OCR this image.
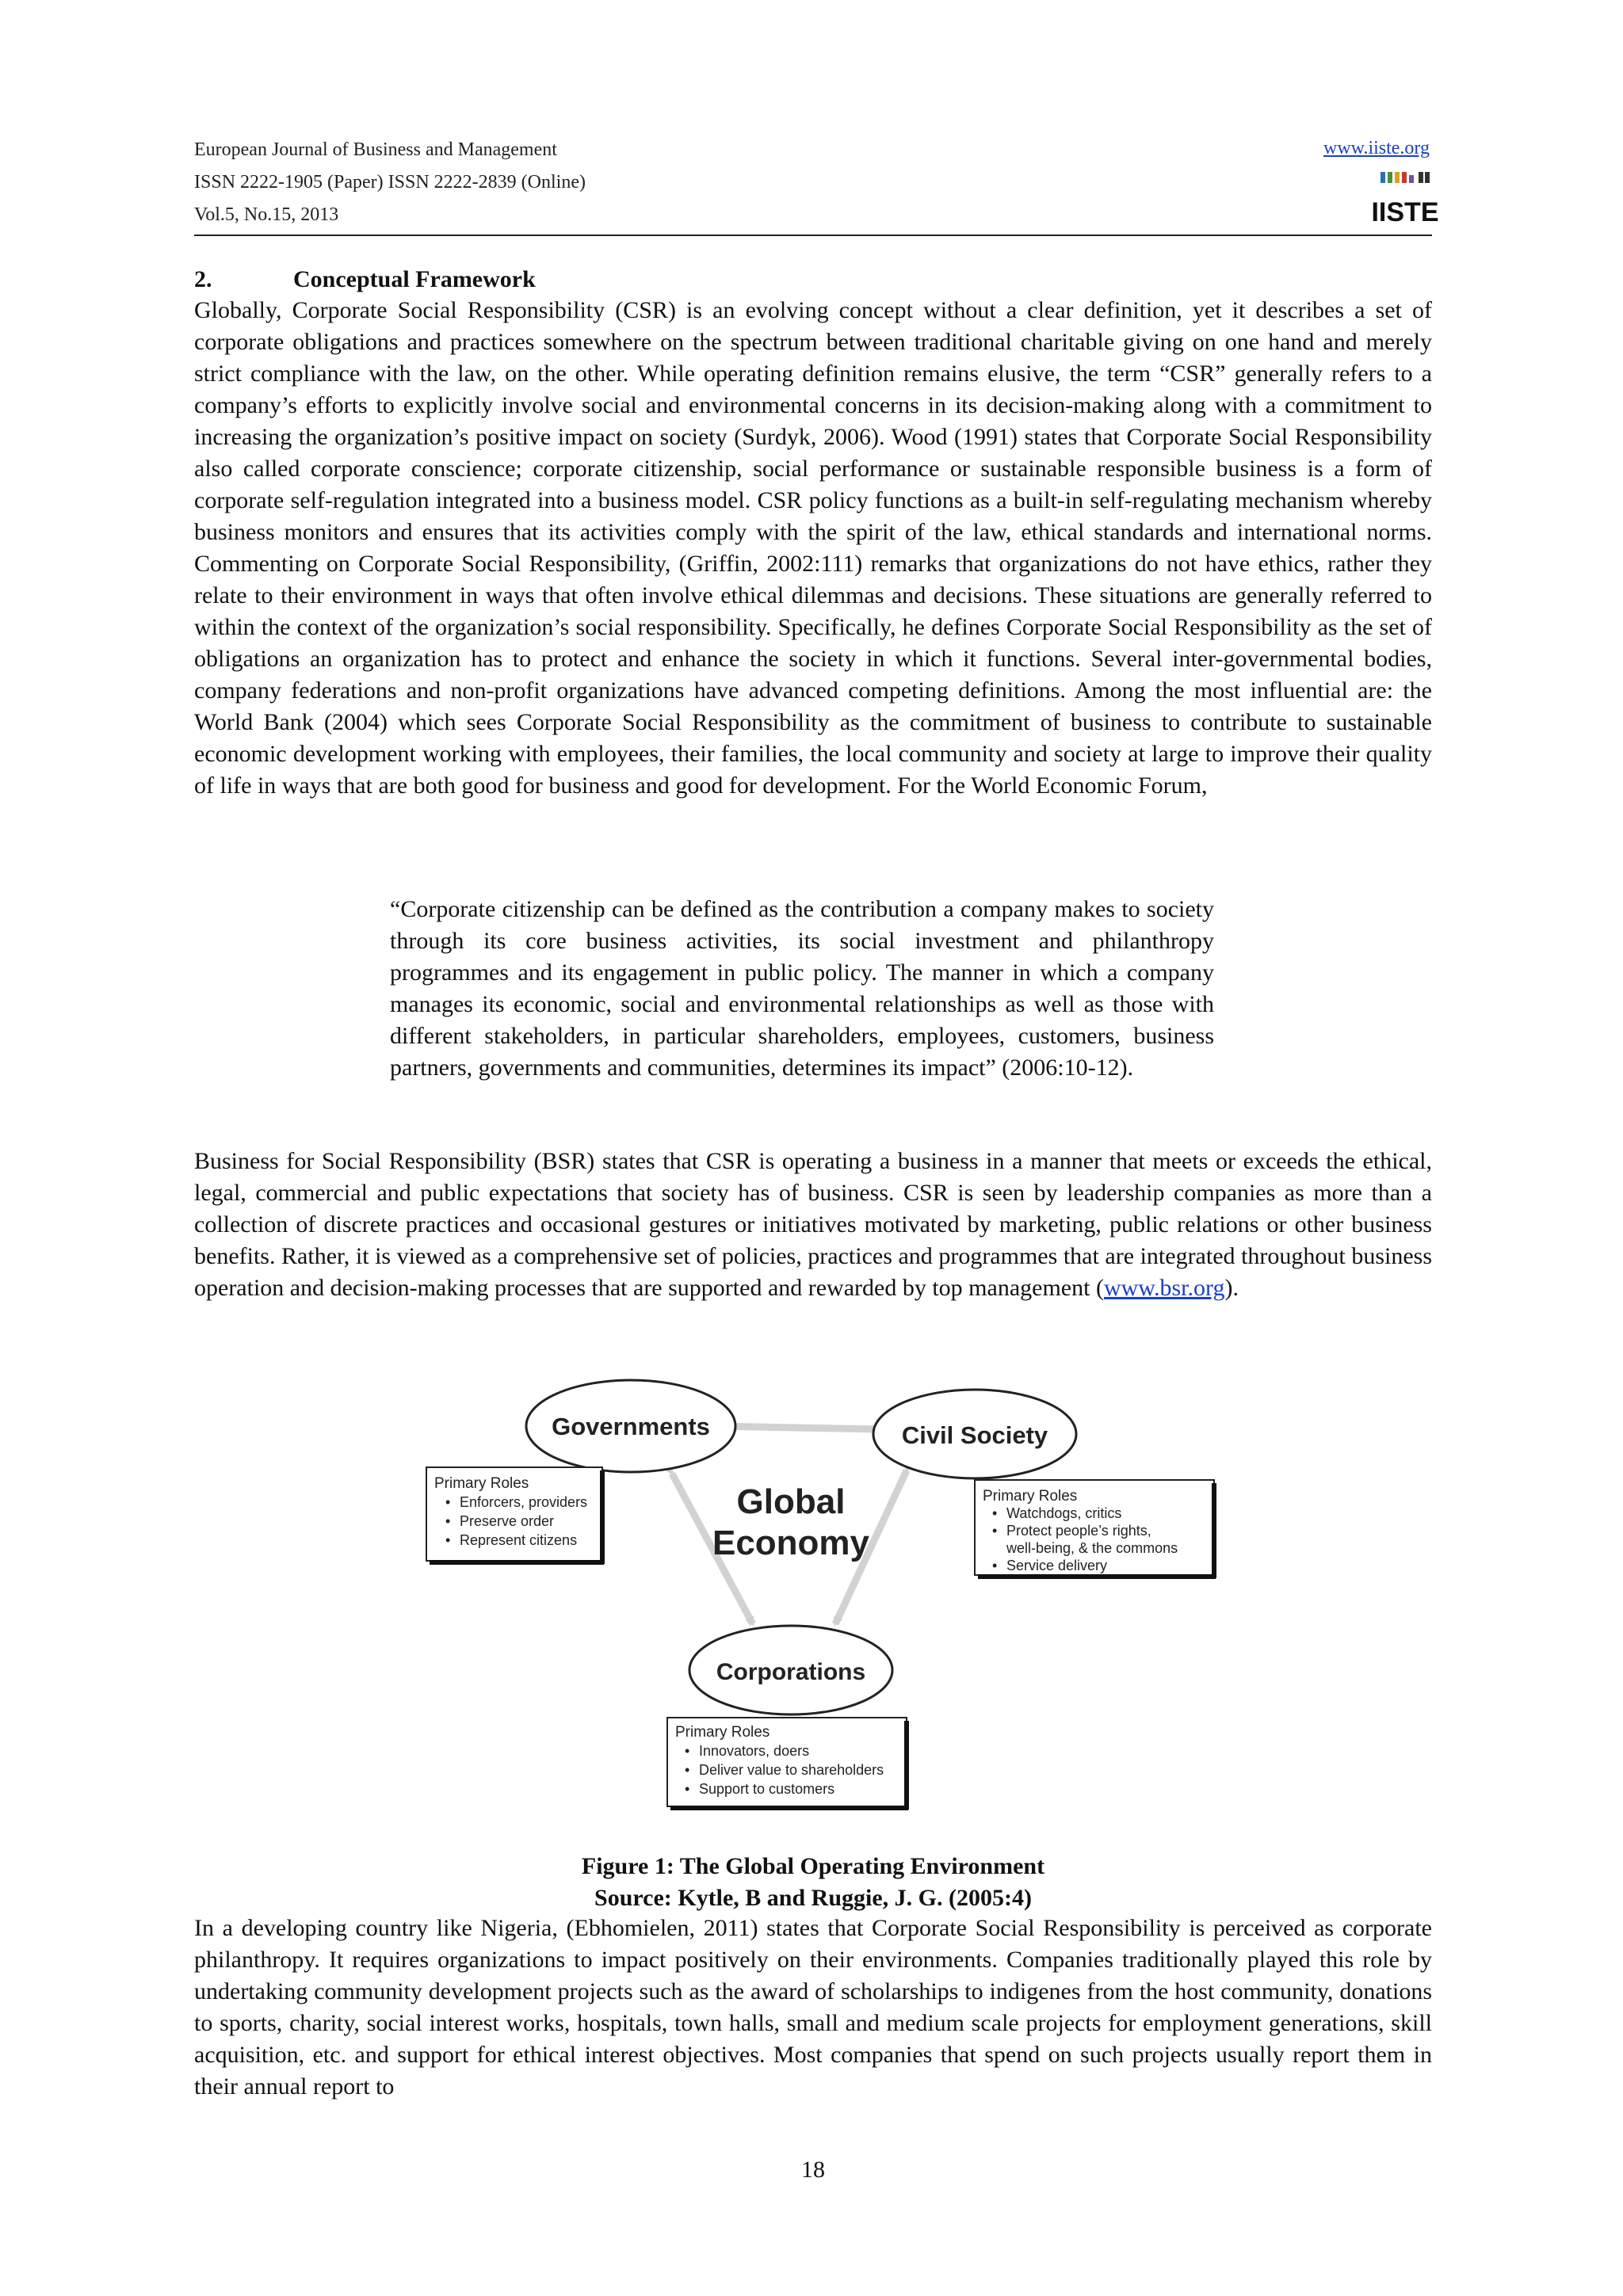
European Journal of Business and Management
ISSN 2222-1905 (Paper) ISSN 2222-2839 (Online)
Vol.5, No.15, 2013
www.iiste.org
IISTE
2.	Conceptual Framework

Globally, Corporate Social Responsibility (CSR) is an evolving concept without a clear definition, yet it describes a set of corporate obligations and practices somewhere on the spectrum between traditional charitable giving on one hand and merely strict compliance with the law, on the other. While operating definition remains elusive, the term “CSR” generally refers to a company’s efforts to explicitly involve social and environmental concerns in its decision-making along with a commitment to increasing the organization’s positive impact on society (Surdyk, 2006). Wood (1991) states that Corporate Social Responsibility also called corporate conscience; corporate citizenship, social performance or sustainable responsible business is a form of corporate self-regulation integrated into a business model. CSR policy functions as a built-in self-regulating mechanism whereby business monitors and ensures that its activities comply with the spirit of the law, ethical standards and international norms. Commenting on Corporate Social Responsibility, (Griffin, 2002:111) remarks that organizations do not have ethics, rather they relate to their environment in ways that often involve ethical dilemmas and decisions. These situations are generally referred to within the context of the organization’s social responsibility. Specifically, he defines Corporate Social Responsibility as the set of obligations an organization has to protect and enhance the society in which it functions. Several inter-governmental bodies, company federations and non-profit organizations have advanced competing definitions. Among the most influential are: the World Bank (2004) which sees Corporate Social Responsibility as the commitment of business to contribute to sustainable economic development working with employees, their families, the local community and society at large to improve their quality of life in ways that are both good for business and good for development. For the World Economic Forum,

“Corporate citizenship can be defined as the contribution a company makes to society through its core business activities, its social investment and philanthropy programmes and its engagement in public policy. The manner in which a company manages its economic, social and environmental relationships as well as those with different stakeholders, in particular shareholders, employees, customers, business partners, governments and communities, determines its impact” (2006:10-12).

Business for Social Responsibility (BSR) states that CSR is operating a business in a manner that meets or exceeds the ethical, legal, commercial and public expectations that society has of business. CSR is seen by leadership companies as more than a collection of discrete practices and occasional gestures or initiatives motivated by marketing, public relations or other business benefits. Rather, it is viewed as a comprehensive set of policies, practices and programmes that are integrated throughout business operation and decision-making processes that are supported and rewarded by top management (www.bsr.org).

Governments	Civil Society
Corporations
Global
Economy
Primary Roles
• Enforcers, providers
• Preserve order
• Represent citizens
Primary Roles
• Watchdogs, critics
• Protect people’s rights,
well-being, & the commons
• Service delivery
Primary Roles
• Innovators, doers
• Deliver value to shareholders
• Support to customers
Figure 1: The Global Operating Environment
Source: Kytle, B and Ruggie, J. G. (2005:4)

In a developing country like Nigeria, (Ebhomielen, 2011) states that Corporate Social Responsibility is perceived as corporate philanthropy. It requires organizations to impact positively on their environments. Companies traditionally played this role by undertaking community development projects such as the award of scholarships to indigenes from the host community, donations to sports, charity, social interest works, hospitals, town halls, small and medium scale projects for employment generations, skill acquisition, etc. and support for ethical interest objectives. Most companies that spend on such projects usually report them in their annual report to

18
